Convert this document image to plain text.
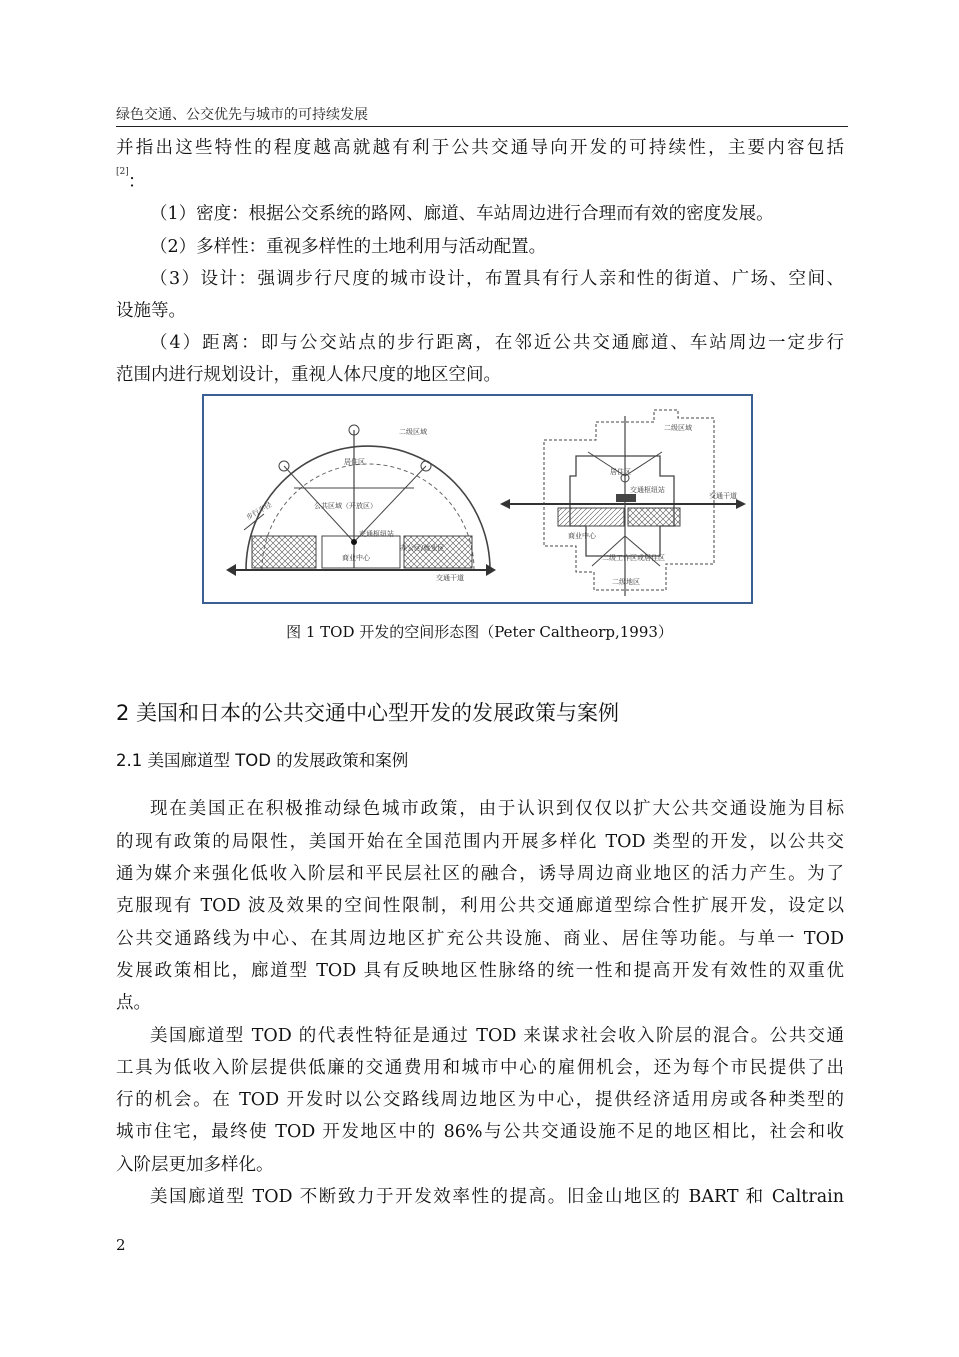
绿色交通、公交优先与城市的可持续发展
并指出这些特性的程度越高就越有利于公共交通导向开发的可持续性，主要内容包括
[2] ：
（1）密度：根据公交系统的路网、廊道、车站周边进行合理而有效的密度发展。
（2）多样性：重视多样性的土地利用与活动配置。
（3）设计：强调步行尺度的城市设计，布置具有行人亲和性的街道、广场、空间、
设施等。
（4）距离：即与公交站点的步行距离，在邻近公共交通廊道、车站周边一定步行
范围内进行规划设计，重视人体尺度的地区空间。
二级区域
居住区
公共区域（开放区）
交通枢纽站
商业中心
办公区/就业区
交通干道
步行半径
二级区域
居住区
交通枢纽站
交通干道
商业中心
二级工作区或居住区
二级地区
图 1 TOD 开发的空间形态图（Peter Caltheorp,1993）
2 美国和日本的公共交通中心型开发的发展政策与案例
2.1 美国廊道型 TOD 的发展政策和案例
现在美国正在积极推动绿色城市政策，由于认识到仅仅以扩大公共交通设施为目标
的现有政策的局限性，美国开始在全国范围内开展多样化 TOD 类型的开发，以公共交
通为媒介来强化低收入阶层和平民层社区的融合，诱导周边商业地区的活力产生。为了
克服现有 TOD 波及效果的空间性限制，利用公共交通廊道型综合性扩展开发，设定以
公共交通路线为中心、在其周边地区扩充公共设施、商业、居住等功能。与单一 TOD
发展政策相比，廊道型 TOD 具有反映地区性脉络的统一性和提高开发有效性的双重优
点。
美国廊道型 TOD 的代表性特征是通过 TOD 来谋求社会收入阶层的混合。公共交通
工具为低收入阶层提供低廉的交通费用和城市中心的雇佣机会，还为每个市民提供了出
行的机会。在 TOD 开发时以公交路线周边地区为中心，提供经济适用房或各种类型的
城市住宅，最终使 TOD 开发地区中的 86%与公共交通设施不足的地区相比，社会和收
入阶层更加多样化。
美国廊道型 TOD 不断致力于开发效率性的提高。旧金山地区的 BART 和 Caltrain
2
